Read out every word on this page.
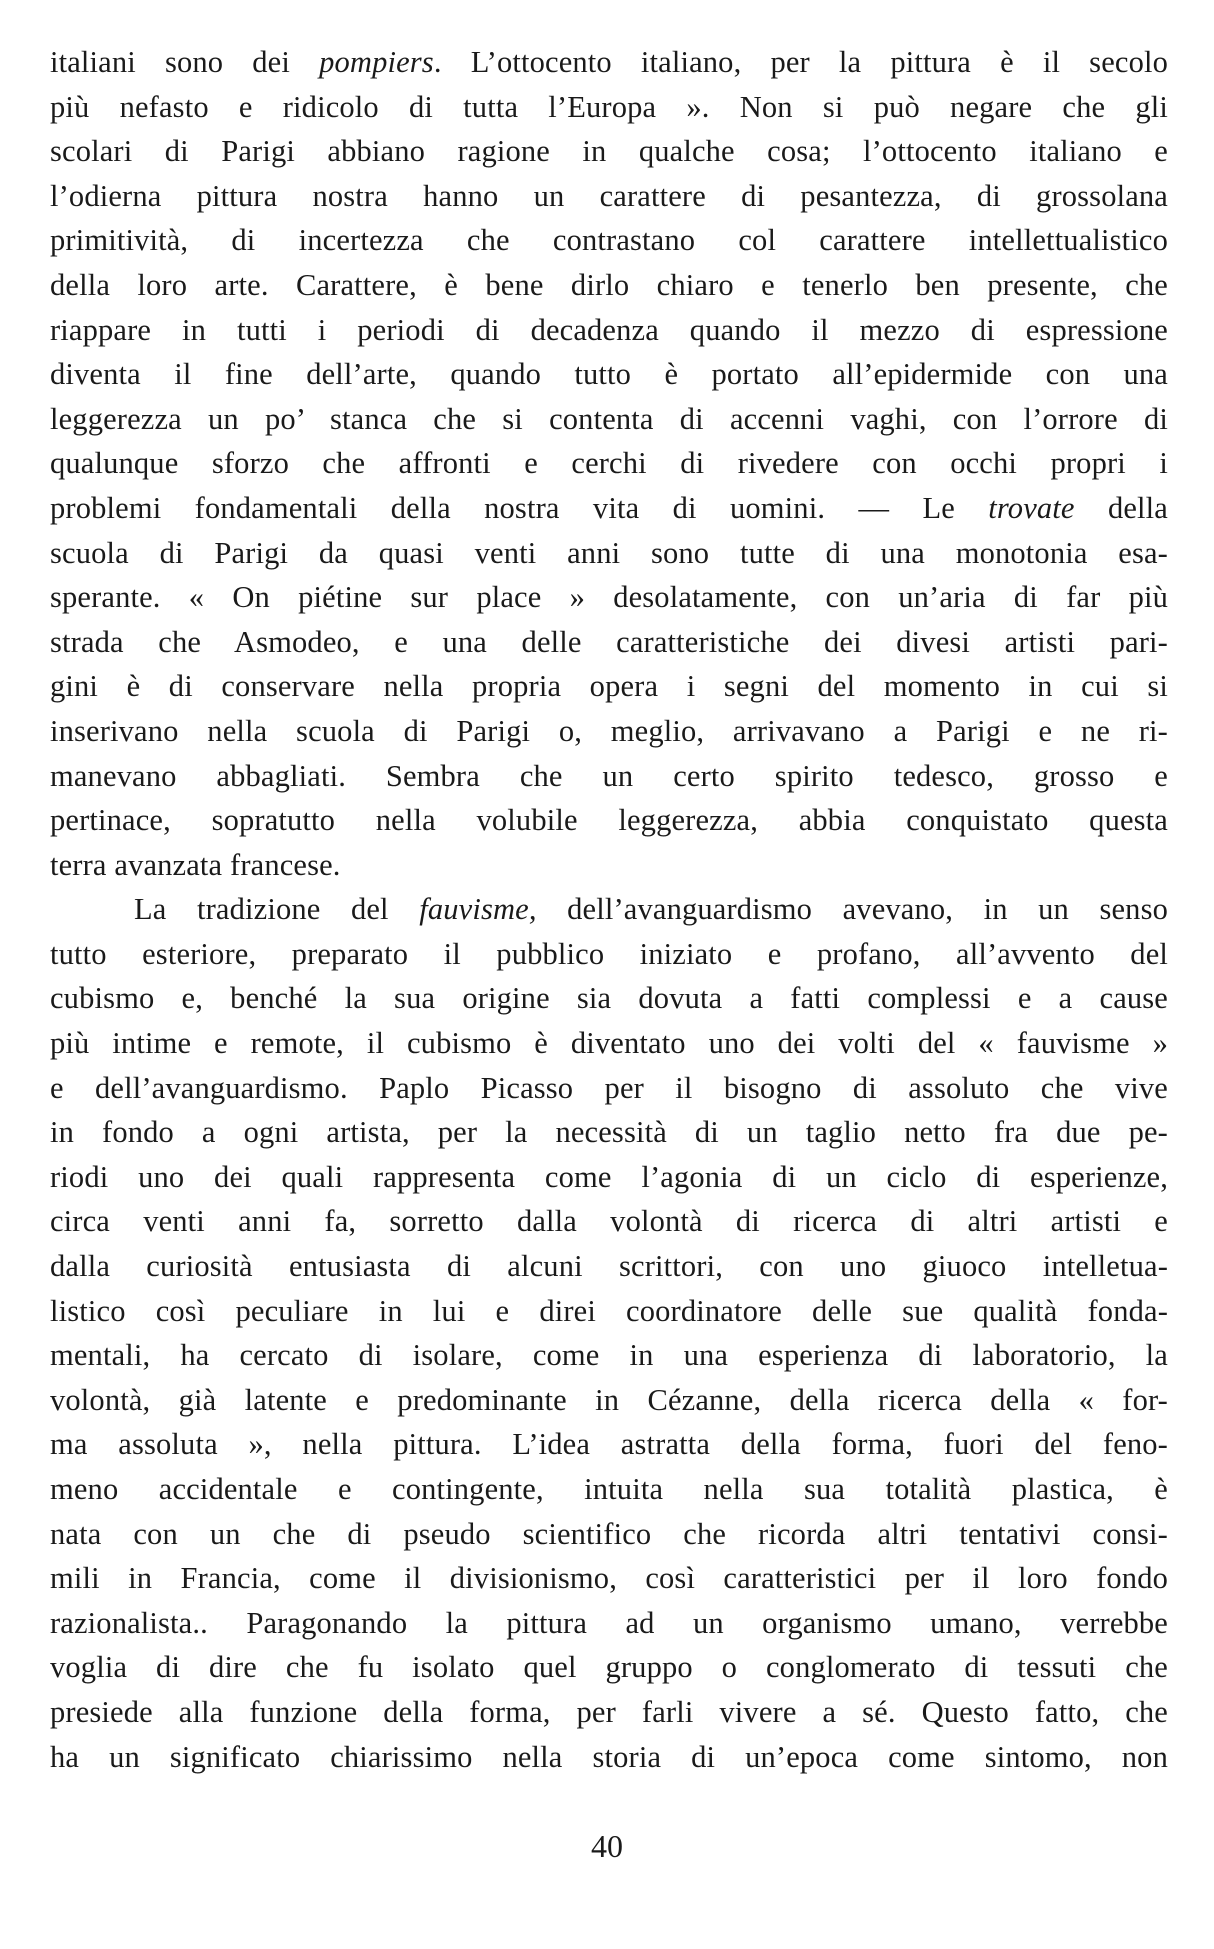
italiani sono dei pompiers. L’ottocento italiano, per la pittura è il secolo
più nefasto e ridicolo di tutta l’Europa ». Non si può negare che gli
scolari di Parigi abbiano ragione in qualche cosa; l’ottocento italiano e
l’odierna pittura nostra hanno un carattere di pesantezza, di grossolana
primitività, di incertezza che contrastano col carattere intellettualistico
della loro arte. Carattere, è bene dirlo chiaro e tenerlo ben presente, che
riappare in tutti i periodi di decadenza quando il mezzo di espressione
diventa il fine dell’arte, quando tutto è portato all’epidermide con una
leggerezza un po’ stanca che si contenta di accenni vaghi, con l’orrore di
qualunque sforzo che affronti e cerchi di rivedere con occhi propri i
problemi fondamentali della nostra vita di uomini. — Le trovate della
scuola di Parigi da quasi venti anni sono tutte di una monotonia esa-
sperante. « On piétine sur place » desolatamente, con un’aria di far più
strada che Asmodeo, e una delle caratteristiche dei divesi artisti pari-
gini è di conservare nella propria opera i segni del momento in cui si
inserivano nella scuola di Parigi o, meglio, arrivavano a Parigi e ne ri-
manevano abbagliati. Sembra che un certo spirito tedesco, grosso e
pertinace, sopratutto nella volubile leggerezza, abbia conquistato questa
terra avanzata francese.
La tradizione del fauvisme, dell’avanguardismo avevano, in un senso
tutto esteriore, preparato il pubblico iniziato e profano, all’avvento del
cubismo e, benché la sua origine sia dovuta a fatti complessi e a cause
più intime e remote, il cubismo è diventato uno dei volti del « fauvisme »
e dell’avanguardismo. Paplo Picasso per il bisogno di assoluto che vive
in fondo a ogni artista, per la necessità di un taglio netto fra due pe-
riodi uno dei quali rappresenta come l’agonia di un ciclo di esperienze,
circa venti anni fa, sorretto dalla volontà di ricerca di altri artisti e
dalla curiosità entusiasta di alcuni scrittori, con uno giuoco intelletua-
listico così peculiare in lui e direi coordinatore delle sue qualità fonda-
mentali, ha cercato di isolare, come in una esperienza di laboratorio, la
volontà, già latente e predominante in Cézanne, della ricerca della « for-
ma assoluta », nella pittura. L’idea astratta della forma, fuori del feno-
meno accidentale e contingente, intuita nella sua totalità plastica, è
nata con un che di pseudo scientifico che ricorda altri tentativi consi-
mili in Francia, come il divisionismo, così caratteristici per il loro fondo
razionalista.. Paragonando la pittura ad un organismo umano, verrebbe
voglia di dire che fu isolato quel gruppo o conglomerato di tessuti che
presiede alla funzione della forma, per farli vivere a sé. Questo fatto, che
ha un significato chiarissimo nella storia di un’epoca come sintomo, non
40
